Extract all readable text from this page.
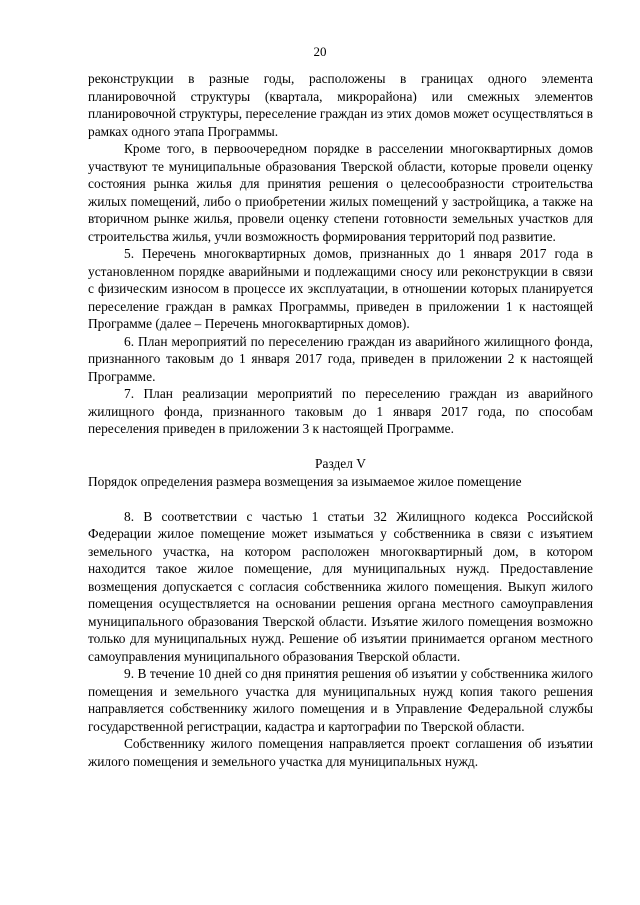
20

реконструкции в разные годы, расположены в границах одного элемента планировочной структуры (квартала, микрорайона) или смежных элементов планировочной структуры, переселение граждан из этих домов может осуществляться в рамках одного этапа Программы.

Кроме того, в первоочередном порядке в расселении многоквартирных домов участвуют те муниципальные образования Тверской области, которые провели оценку состояния рынка жилья для принятия решения о целесообразности строительства жилых помещений, либо о приобретении жилых помещений у застройщика, а также на вторичном рынке жилья, провели оценку степени готовности земельных участков для строительства жилья, учли возможность формирования территорий под развитие.

5. Перечень многоквартирных домов, признанных до 1 января 2017 года в установленном порядке аварийными и подлежащими сносу или реконструкции в связи с физическим износом в процессе их эксплуатации, в отношении которых планируется переселение граждан в рамках Программы, приведен в приложении 1 к настоящей Программе (далее – Перечень многоквартирных домов).

6. План мероприятий по переселению граждан из аварийного жилищного фонда, признанного таковым до 1 января 2017 года, приведен в приложении 2 к настоящей Программе.

7. План реализации мероприятий по переселению граждан из аварийного жилищного фонда, признанного таковым до 1 января 2017 года, по способам переселения приведен в приложении 3 к настоящей Программе.

Раздел V

Порядок определения размера возмещения за изымаемое жилое помещение

8. В соответствии с частью 1 статьи 32 Жилищного кодекса Российской Федерации жилое помещение может изыматься у собственника в связи с изъятием земельного участка, на котором расположен многоквартирный дом, в котором находится такое жилое помещение, для муниципальных нужд. Предоставление возмещения допускается с согласия собственника жилого помещения. Выкуп жилого помещения осуществляется на основании решения органа местного самоуправления муниципального образования Тверской области. Изъятие жилого помещения возможно только для муниципальных нужд. Решение об изъятии принимается органом местного самоуправления муниципального образования Тверской области.

9. В течение 10 дней со дня принятия решения об изъятии у собственника жилого помещения и земельного участка для муниципальных нужд копия такого решения направляется собственнику жилого помещения и в Управление Федеральной службы государственной регистрации, кадастра и картографии по Тверской области.

Собственнику жилого помещения направляется проект соглашения об изъятии жилого помещения и земельного участка для муниципальных нужд.
